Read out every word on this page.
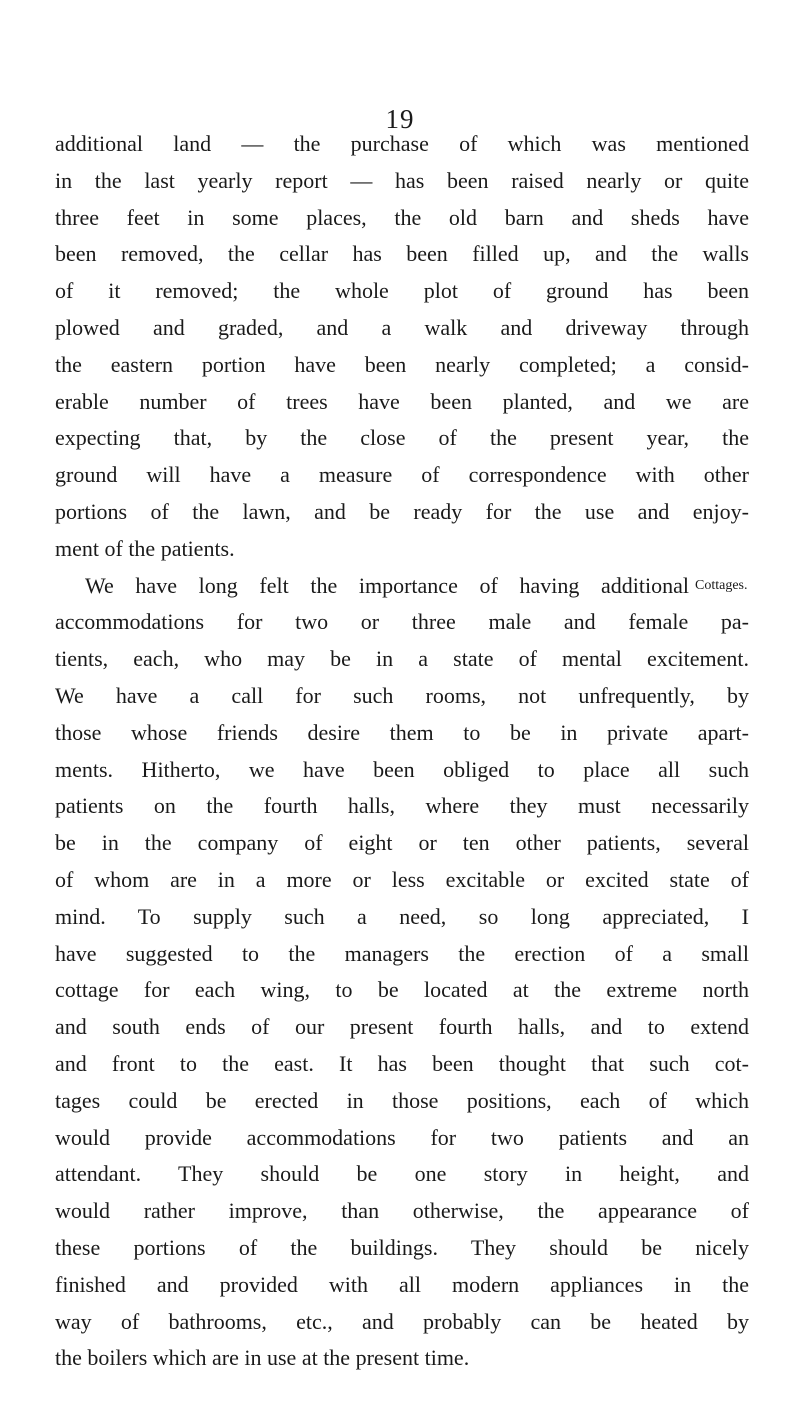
19
additional land — the purchase of which was mentioned
in the last yearly report — has been raised nearly or quite
three feet in some places, the old barn and sheds have
been removed, the cellar has been filled up, and the walls
of it removed; the whole plot of ground has been
plowed and graded, and a walk and driveway through
the eastern portion have been nearly completed; a consid-
erable number of trees have been planted, and we are
expecting that, by the close of the present year, the
ground will have a measure of correspondence with other
portions of the lawn, and be ready for the use and enjoy-
ment of the patients.
We have long felt the importance of having additional
accommodations for two or three male and female pa-
tients, each, who may be in a state of mental excitement.
We have a call for such rooms, not unfrequently, by
those whose friends desire them to be in private apart-
ments. Hitherto, we have been obliged to place all such
patients on the fourth halls, where they must necessarily
be in the company of eight or ten other patients, several
of whom are in a more or less excitable or excited state of
mind. To supply such a need, so long appreciated, I
have suggested to the managers the erection of a small
cottage for each wing, to be located at the extreme north
and south ends of our present fourth halls, and to extend
and front to the east. It has been thought that such cot-
tages could be erected in those positions, each of which
would provide accommodations for two patients and an
attendant. They should be one story in height, and
would rather improve, than otherwise, the appearance of
these portions of the buildings. They should be nicely
finished and provided with all modern appliances in the
way of bathrooms, etc., and probably can be heated by
the boilers which are in use at the present time.
Cottages.
